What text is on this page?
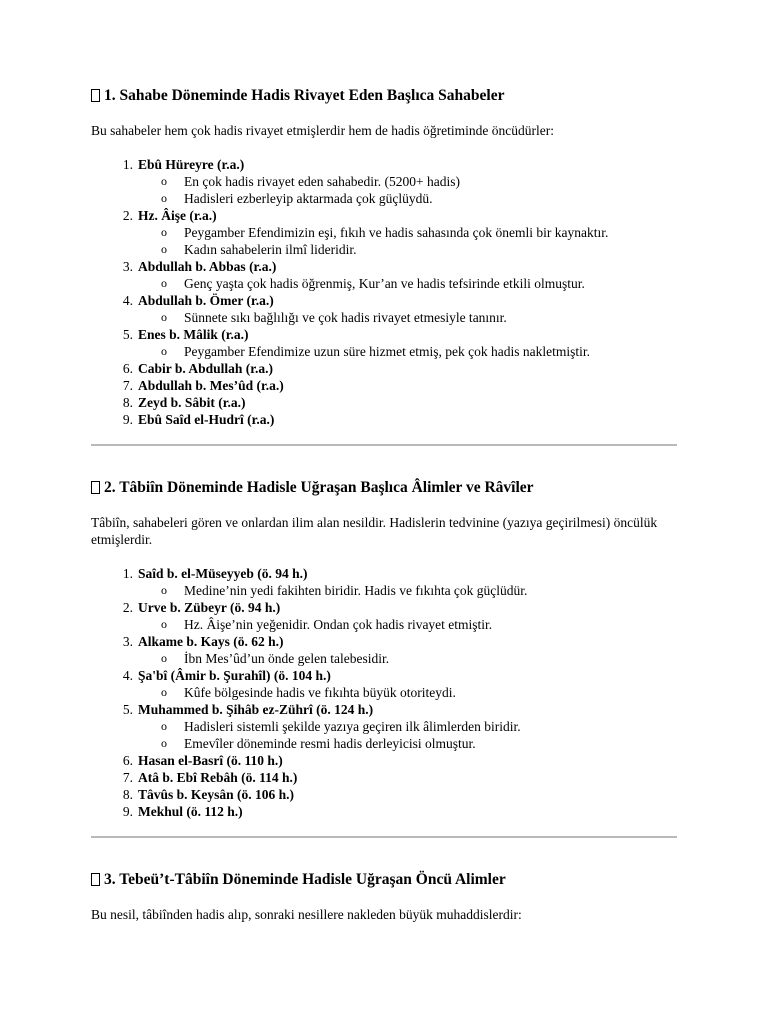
1. Sahabe Döneminde Hadis Rivayet Eden Başlıca Sahabeler

Bu sahabeler hem çok hadis rivayet etmişlerdir hem de hadis öğretiminde öncüdürler:

1. Ebû Hüreyre (r.a.)
o En çok hadis rivayet eden sahabedir. (5200+ hadis)
o Hadisleri ezberleyip aktarmada çok güçlüydü.
2. Hz. Âişe (r.a.)
o Peygamber Efendimizin eşi, fıkıh ve hadis sahasında çok önemli bir kaynaktır.
o Kadın sahabelerin ilmî lideridir.
3. Abdullah b. Abbas (r.a.)
o Genç yaşta çok hadis öğrenmiş, Kur’an ve hadis tefsirinde etkili olmuştur.
4. Abdullah b. Ömer (r.a.)
o Sünnete sıkı bağlılığı ve çok hadis rivayet etmesiyle tanınır.
5. Enes b. Mâlik (r.a.)
o Peygamber Efendimize uzun süre hizmet etmiş, pek çok hadis nakletmiştir.
6. Cabir b. Abdullah (r.a.)
7. Abdullah b. Mes’ûd (r.a.)
8. Zeyd b. Sâbit (r.a.)
9. Ebû Saîd el-Hudrî (r.a.)
2. Tâbiîn Döneminde Hadisle Uğraşan Başlıca Âlimler ve Râvîler

Tâbiîn, sahabeleri gören ve onlardan ilim alan nesildir. Hadislerin tedvinine (yazıya geçirilmesi) öncülük etmişlerdir.

1. Saîd b. el-Müseyyeb (ö. 94 h.)
o Medine’nin yedi fakihten biridir. Hadis ve fıkıhta çok güçlüdür.
2. Urve b. Zübeyr (ö. 94 h.)
o Hz. Âişe’nin yeğenidir. Ondan çok hadis rivayet etmiştir.
3. Alkame b. Kays (ö. 62 h.)
o İbn Mes’ûd’un önde gelen talebesidir.
4. Şa'bî (Âmir b. Şurahîl) (ö. 104 h.)
o Kûfe bölgesinde hadis ve fıkıhta büyük otoriteydi.
5. Muhammed b. Şihâb ez-Zührî (ö. 124 h.)
o Hadisleri sistemli şekilde yazıya geçiren ilk âlimlerden biridir.
o Emevîler döneminde resmi hadis derleyicisi olmuştur.
6. Hasan el-Basrî (ö. 110 h.)
7. Atâ b. Ebî Rebâh (ö. 114 h.)
8. Tâvûs b. Keysân (ö. 106 h.)
9. Mekhul (ö. 112 h.)
3. Tebeü’t-Tâbiîn Döneminde Hadisle Uğraşan Öncü Alimler

Bu nesil, tâbiînden hadis alıp, sonraki nesillere nakleden büyük muhaddislerdir:
